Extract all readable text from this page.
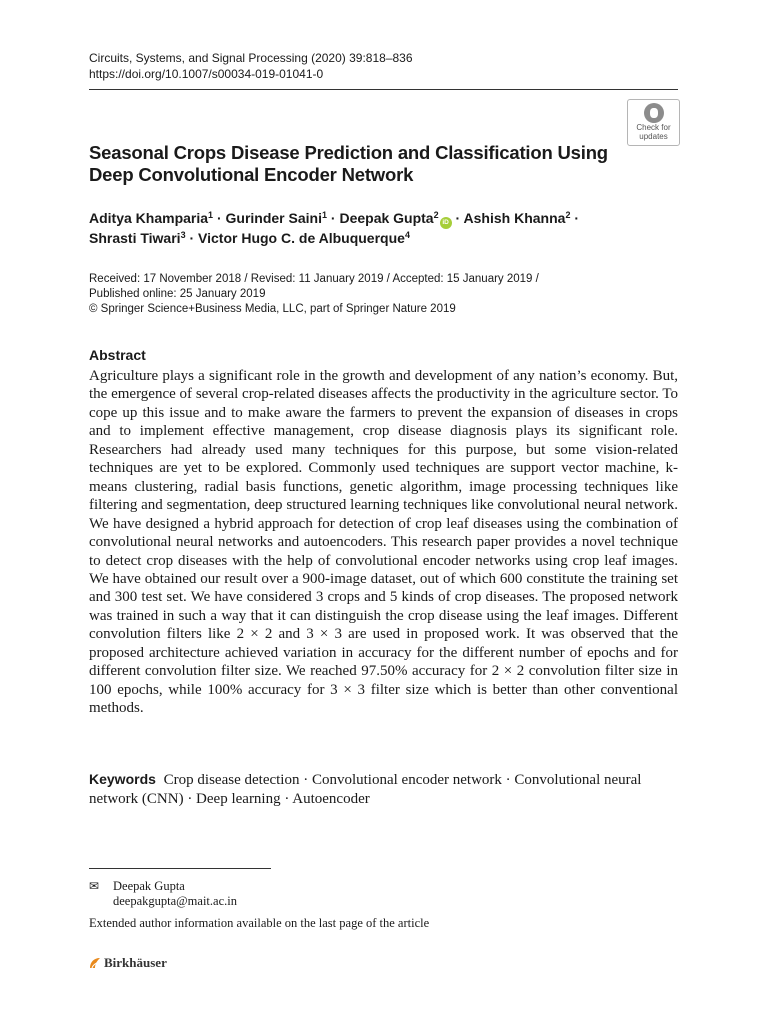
Circuits, Systems, and Signal Processing (2020) 39:818–836
https://doi.org/10.1007/s00034-019-01041-0
Check for
updates
Seasonal Crops Disease Prediction and Classification Using Deep Convolutional Encoder Network
Aditya Khamparia$^1$ · Gurinder Saini$^1$ · Deepak Gupta$^2$iD · Ashish Khanna$^2$ ·
Shrasti Tiwari$^3$ · Victor Hugo C. de Albuquerque$^4$
Received: 17 November 2018 / Revised: 11 January 2019 / Accepted: 15 January 2019 /
Published online: 25 January 2019
© Springer Science+Business Media, LLC, part of Springer Nature 2019
Abstract
Agriculture plays a significant role in the growth and development of any nation’s economy. But, the emergence of several crop-related diseases affects the productivity in the agriculture sector. To cope up this issue and to make aware the farmers to prevent the expansion of diseases in crops and to implement effective management, crop disease diagnosis plays its significant role. Researchers had already used many techniques for this purpose, but some vision-related techniques are yet to be explored. Commonly used techniques are support vector machine, k-means clustering, radial basis functions, genetic algorithm, image processing techniques like filtering and segmentation, deep structured learning techniques like convolutional neural network. We have designed a hybrid approach for detection of crop leaf diseases using the combination of convolutional neural networks and autoencoders. This research paper provides a novel technique to detect crop diseases with the help of convolutional encoder networks using crop leaf images. We have obtained our result over a 900-image dataset, out of which 600 constitute the training set and 300 test set. We have considered 3 crops and 5 kinds of crop diseases. The proposed network was trained in such a way that it can distinguish the crop disease using the leaf images. Different convolution filters like 2 × 2 and 3 × 3 are used in proposed work. It was observed that the proposed architecture achieved variation in accuracy for the different number of epochs and for different convolution filter size. We reached 97.50% accuracy for 2 × 2 convolution filter size in 100 epochs, while 100% accuracy for 3 × 3 filter size which is better than other conventional methods.
Keywords Crop disease detection · Convolutional encoder network · Convolutional neural network (CNN) · Deep learning · Autoencoder
✉ Deepak Gupta
deepakgupta@mait.ac.in
Extended author information available on the last page of the article
Birkhäuser
